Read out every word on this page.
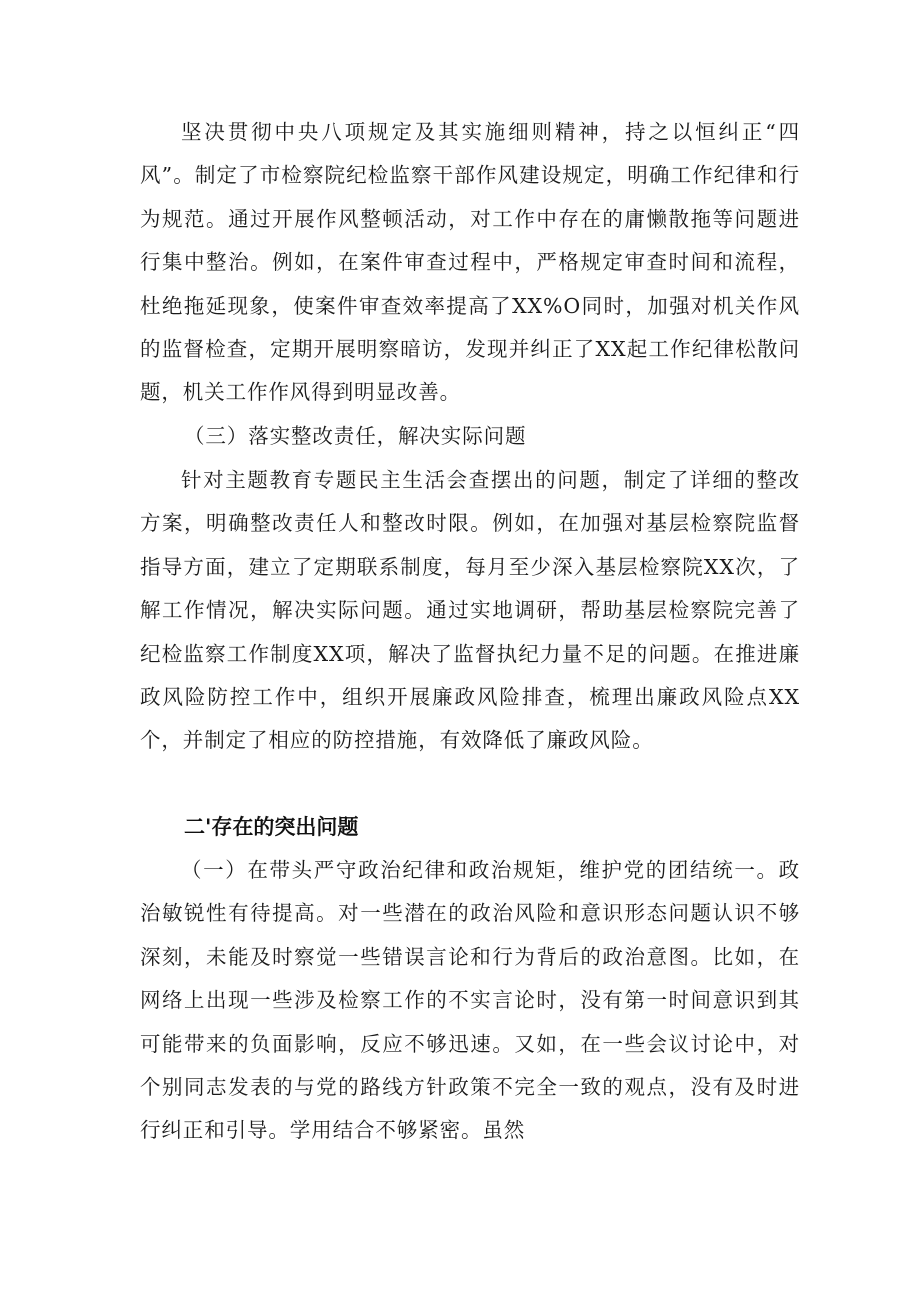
坚决贯彻中央八项规定及其实施细则精神，持之以恒纠正“四风”。制定了市检察院纪检监察干部作风建设规定，明确工作纪律和行为规范。通过开展作风整顿活动，对工作中存在的庸懒散拖等问题进行集中整治。例如，在案件审查过程中，严格规定审查时间和流程，杜绝拖延现象，使案件审查效率提高了XX%O同时，加强对机关作风的监督检查，定期开展明察暗访，发现并纠正了XX起工作纪律松散问题，机关工作作风得到明显改善。

（三）落实整改责任，解决实际问题

针对主题教育专题民主生活会查摆出的问题，制定了详细的整改方案，明确整改责任人和整改时限。例如，在加强对基层检察院监督指导方面，建立了定期联系制度，每月至少深入基层检察院XX次，了解工作情况，解决实际问题。通过实地调研，帮助基层检察院完善了纪检监察工作制度XX项，解决了监督执纪力量不足的问题。在推进廉政风险防控工作中，组织开展廉政风险排查，梳理出廉政风险点XX个，并制定了相应的防控措施，有效降低了廉政风险。

二'存在的突出问题

（一）在带头严守政治纪律和政治规矩，维护党的团结统一。政治敏锐性有待提高。对一些潜在的政治风险和意识形态问题认识不够深刻，未能及时察觉一些错误言论和行为背后的政治意图。比如，在网络上出现一些涉及检察工作的不实言论时，没有第一时间意识到其可能带来的负面影响，反应不够迅速。又如，在一些会议讨论中，对个别同志发表的与党的路线方针政策不完全一致的观点，没有及时进行纠正和引导。学用结合不够紧密。虽然
